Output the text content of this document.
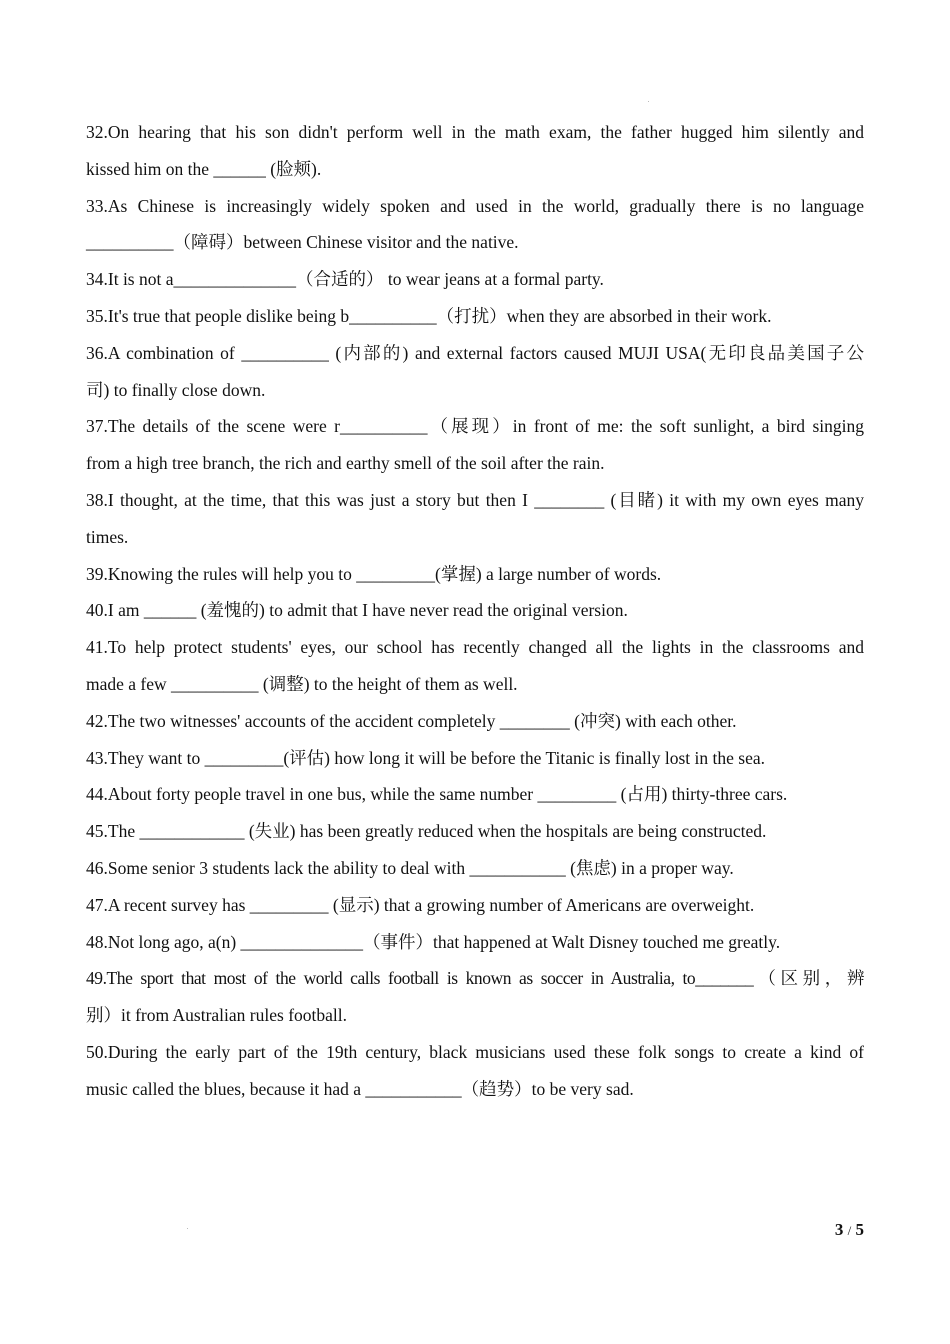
32.On hearing that his son didn't perform well in the math exam, the father hugged him silently and
kissed him on the ______ (脸颊).
33.As Chinese is increasingly widely spoken and used in the world, gradually there is no language
__________（障碍）between Chinese visitor and the native.
34.It is not a______________（合适的） to wear jeans at a formal party.
35.It's true that people dislike being b__________（打扰）when they are absorbed in their work.
36.A combination of __________ (内部的) and external factors caused MUJI USA(无印良品美国子公
司) to finally close down.
37.The details of the scene were r__________（展现）in front of me: the soft sunlight, a bird singing
from a high tree branch, the rich and earthy smell of the soil after the rain.
38.I thought, at the time, that this was just a story but then I ________ (目睹) it with my own eyes many
times.
39.Knowing the rules will help you to _________(掌握) a large number of words.
40.I am ______ (羞愧的) to admit that I have never read the original version.
41.To help protect students' eyes, our school has recently changed all the lights in the classrooms and
made a few __________ (调整) to the height of them as well.
42.The two witnesses' accounts of the accident completely ________ (冲突) with each other.
43.They want to _________(评估) how long it will be before the Titanic is finally lost in the sea.
44.About forty people travel in one bus, while the same number _________ (占用) thirty-three cars.
45.The ____________ (失业) has been greatly reduced when the hospitals are being constructed.
46.Some senior 3 students lack the ability to deal with ___________ (焦虑) in a proper way.
47.A recent survey has _________ (显示) that a growing number of Americans are overweight.
48.Not long ago, a(n) ______________（事件）that happened at Walt Disney touched me greatly.
49.The sport that most of the world calls football is known as soccer in Australia, to_______（区别，辨
别）it from Australian rules football.
50.During the early part of the 19th century, black musicians used these folk songs to create a kind of
music called the blues, because it had a ___________（趋势）to be very sad.
3 / 5
